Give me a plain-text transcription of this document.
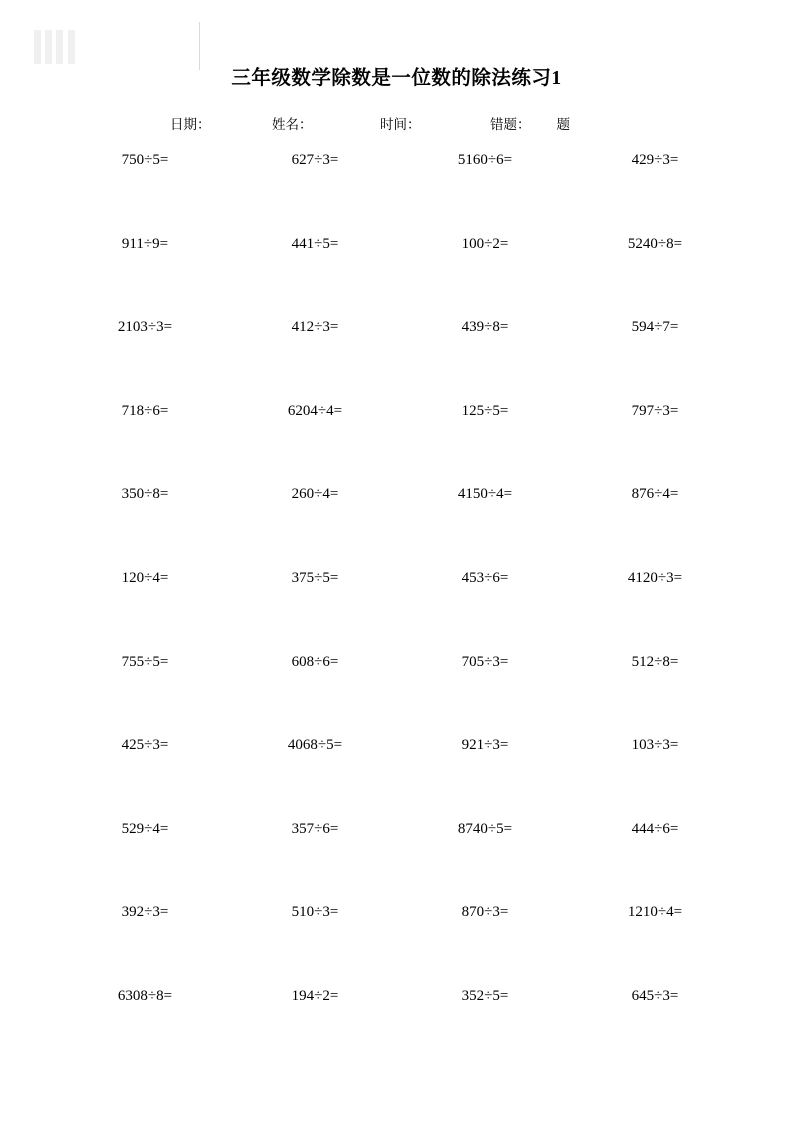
三年级数学除数是一位数的除法练习1
日期：	姓名：	时间：	错题： 题
750÷5=	627÷3=	5160÷6=	429÷3=
911÷9=	441÷5=	100÷2=	5240÷8=
2103÷3=	412÷3=	439÷8=	594÷7=
718÷6=	6204÷4=	125÷5=	797÷3=
350÷8=	260÷4=	4150÷4=	876÷4=
120÷4=	375÷5=	453÷6=	4120÷3=
755÷5=	608÷6=	705÷3=	512÷8=
425÷3=	4068÷5=	921÷3=	103÷3=
529÷4=	357÷6=	8740÷5=	444÷6=
392÷3=	510÷3=	870÷3=	1210÷4=
6308÷8=	194÷2=	352÷5=	645÷3=
